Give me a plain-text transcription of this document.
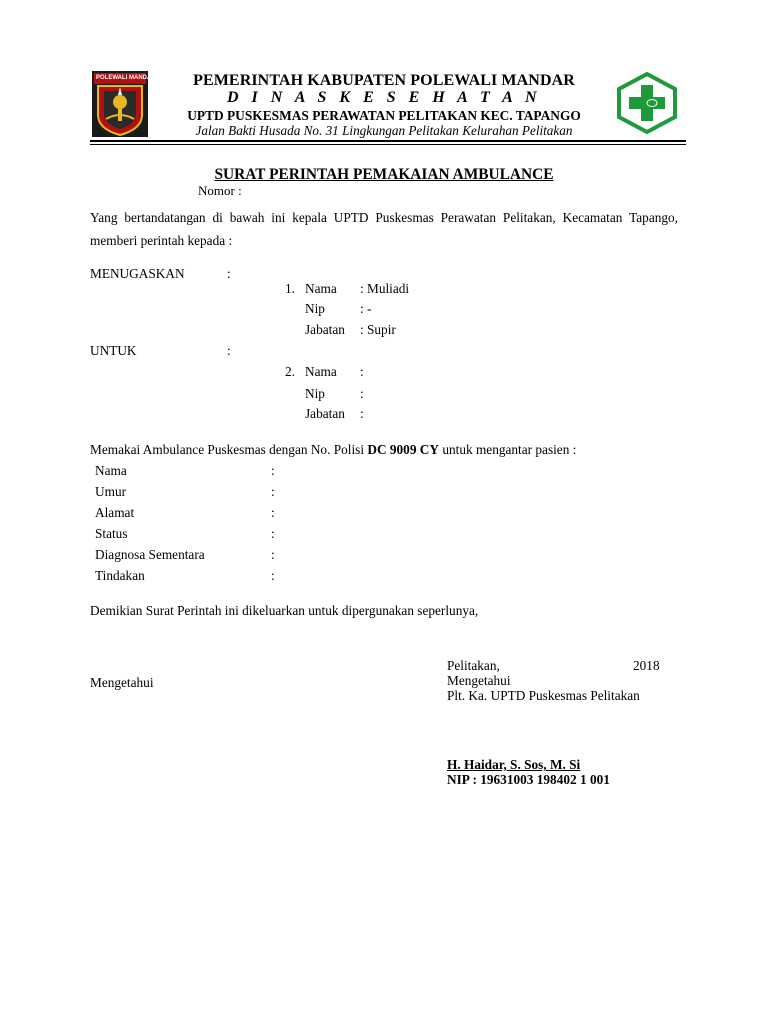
POLEWALI MANDAR	PEMERINTAH KABUPATEN POLEWALI MANDAR
D I N A S K E S E H A T A N
UPTD PUSKESMAS PERAWATAN PELITAKAN KEC. TAPANGO
Jalan Bakti Husada No. 31 Lingkungan Pelitakan Kelurahan Pelitakan
SURAT PERINTAH PEMAKAIAN AMBULANCE
Nomor :
Yang bertandatangan di bawah ini kepala UPTD Puskesmas Perawatan Pelitakan, Kecamatan Tapango, memberi perintah kepada :
MENUGASKAN	:
1. Nama : Muliadi
Nip	: -
Jabatan : Supir
UNTUK	:
2. Nama :
Nip	:
Jabatan :
Memakai Ambulance Puskesmas dengan No. Polisi DC 9009 CY untuk mengantar pasien :
Nama	:
Umur	:
Alamat	:
Status	:
Diagnosa Sementara	:
Tindakan	:
Demikian Surat Perintah ini dikeluarkan untuk dipergunakan seperlunya,
Mengetahui
Pelitakan,	2018
Mengetahui
Plt. Ka. UPTD Puskesmas Pelitakan
H. Haidar, S. Sos, M. Si
NIP : 19631003 198402 1 001
